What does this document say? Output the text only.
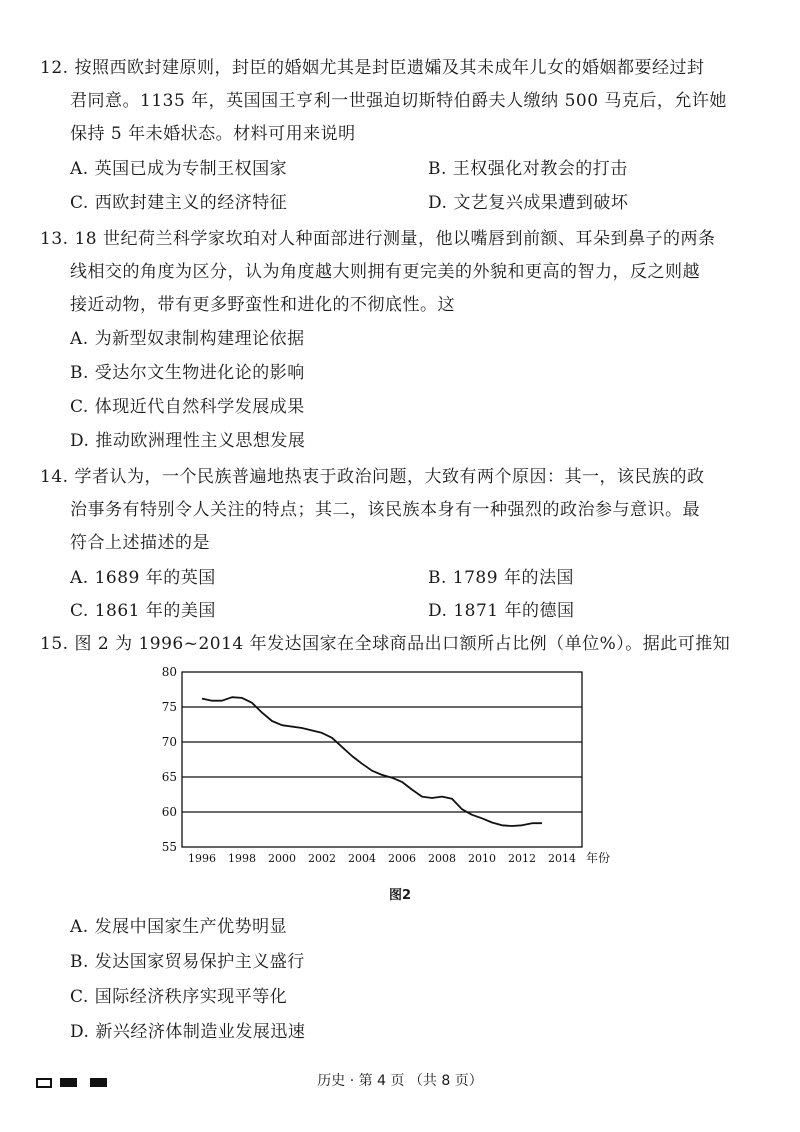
12. 按照西欧封建原则，封臣的婚姻尤其是封臣遗孀及其未成年儿女的婚姻都要经过封
君同意。1135 年，英国国王亨利一世强迫切斯特伯爵夫人缴纳 500 马克后，允许她
保持 5 年未婚状态。材料可用来说明
A. 英国已成为专制王权国家	B. 王权强化对教会的打击
C. 西欧封建主义的经济特征	D. 文艺复兴成果遭到破坏
13. 18 世纪荷兰科学家坎珀对人种面部进行测量，他以嘴唇到前额、耳朵到鼻子的两条
线相交的角度为区分，认为角度越大则拥有更完美的外貌和更高的智力，反之则越
接近动物，带有更多野蛮性和进化的不彻底性。这
A. 为新型奴隶制构建理论依据
B. 受达尔文生物进化论的影响
C. 体现近代自然科学发展成果
D. 推动欧洲理性主义思想发展
14. 学者认为，一个民族普遍地热衷于政治问题，大致有两个原因：其一，该民族的政
治事务有特别令人关注的特点；其二，该民族本身有一种强烈的政治参与意识。最
符合上述描述的是
A. 1689 年的英国	B. 1789 年的法国
C. 1861 年的美国	D. 1871 年的德国
15. 图 2 为 1996~2014 年发达国家在全球商品出口额所占比例（单位%）。据此可推知
80
75
70
65
60
55
1996 1998 2000 2002 2004 2006 2008 2010 2012 2014 年份
图2
A. 发展中国家生产优势明显
B. 发达国家贸易保护主义盛行
C. 国际经济秩序实现平等化
D. 新兴经济体制造业发展迅速
历史 · 第 4 页 （共 8 页）
